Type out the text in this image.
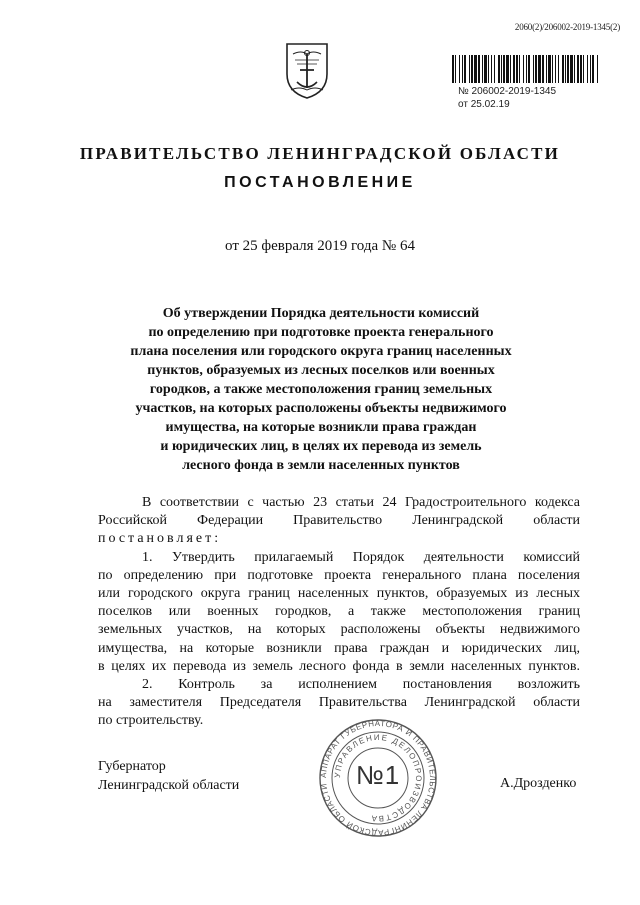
2060(2)/206002-2019-1345(2)
№ 206002-2019-1345
от 25.02.19
ПРАВИТЕЛЬСТВО ЛЕНИНГРАДСКОЙ ОБЛАСТИ
ПОСТАНОВЛЕНИЕ
от 25 февраля 2019 года № 64
Об утверждении Порядка деятельности комиссий
по определению при подготовке проекта генерального
плана поселения или городского округа границ населенных
пунктов, образуемых из лесных поселков или военных
городков, а также местоположения границ земельных
участков, на которых расположены объекты недвижимого
имущества, на которые возникли права граждан
и юридических лиц, в целях их перевода из земель
лесного фонда в земли населенных пунктов
В соответствии с частью 23 статьи 24 Градостроительного кодекса
Российской Федерации Правительство Ленинградской области
постановляет:
1. Утвердить прилагаемый Порядок деятельности комиссий
по определению при подготовке проекта генерального плана поселения
или городского округа границ населенных пунктов, образуемых из лесных
поселков или военных городков, а также местоположения границ
земельных участков, на которых расположены объекты недвижимого
имущества, на которые возникли права граждан и юридических лиц,
в целях их перевода из земель лесного фонда в земли населенных пунктов.
2. Контроль за исполнением постановления возложить
на заместителя Председателя Правительства Ленинградской области
по строительству.
Губернатор
Ленинградской области	А.Дрозденко
АППАРАТ ГУБЕРНАТОРА И ПРАВИТЕЛЬСТВА ЛЕНИНГРАДСКОЙ ОБЛАСТИ
УПРАВЛЕНИЕ ДЕЛОПРОИЗВОДСТВА
№1
